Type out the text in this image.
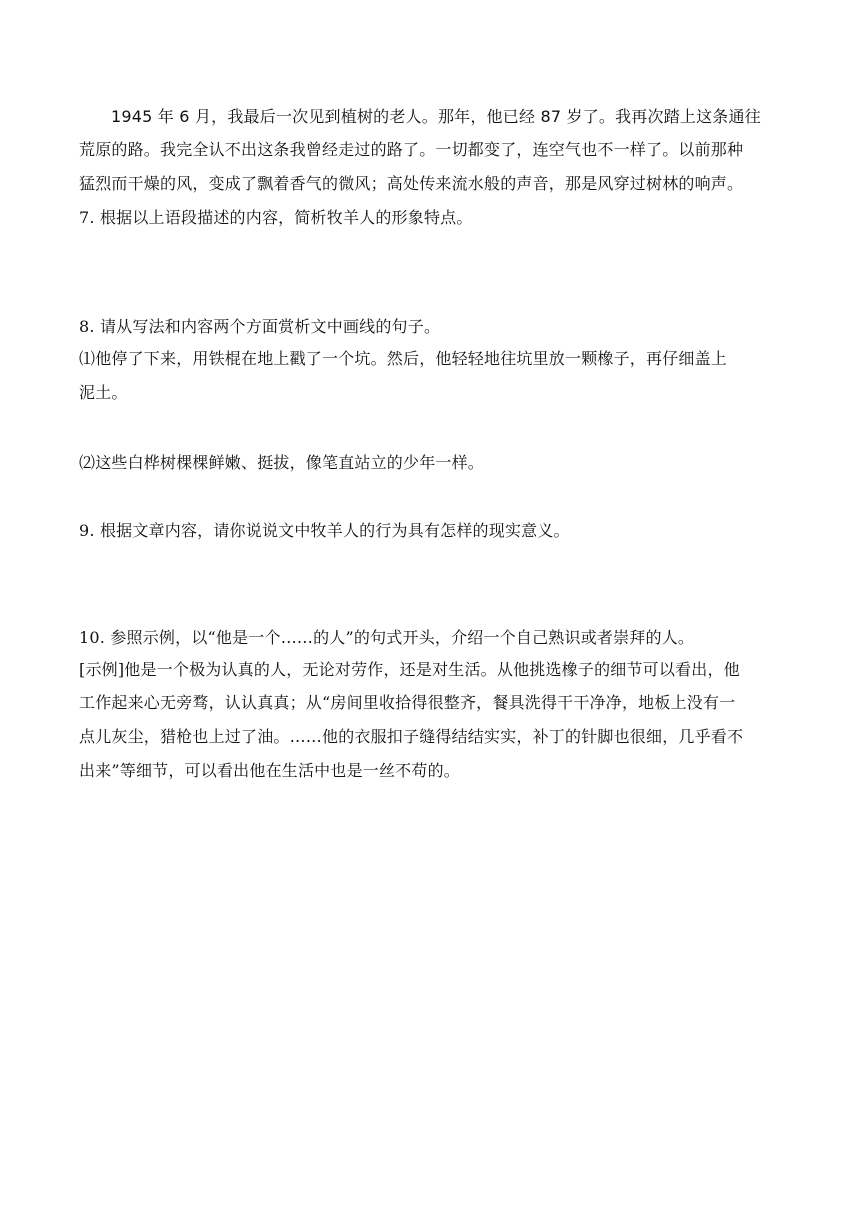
1945 年 6 月，我最后一次见到植树的老人。那年，他已经 87 岁了。我再次踏上这条通往
荒原的路。我完全认不出这条我曾经走过的路了。一切都变了，连空气也不一样了。以前那种
猛烈而干燥的风，变成了飘着香气的微风；高处传来流水般的声音，那是风穿过树林的响声。
7. 根据以上语段描述的内容，简析牧羊人的形象特点。
8. 请从写法和内容两个方面赏析文中画线的句子。
⑴他停了下来，用铁棍在地上戳了一个坑。然后，他轻轻地往坑里放一颗橡子，再仔细盖上
泥土。
⑵这些白桦树棵棵鲜嫩、挺拔，像笔直站立的少年一样。
9. 根据文章内容，请你说说文中牧羊人的行为具有怎样的现实意义。
10. 参照示例，以“他是一个……的人”的句式开头，介绍一个自己熟识或者崇拜的人。
[示例]他是一个极为认真的人，无论对劳作，还是对生活。从他挑选橡子的细节可以看出，他
工作起来心无旁骛，认认真真；从“房间里收拾得很整齐，餐具洗得干干净净，地板上没有一
点儿灰尘，猎枪也上过了油。……他的衣服扣子缝得结结实实，补丁的针脚也很细，几乎看不
出来”等细节，可以看出他在生活中也是一丝不苟的。
